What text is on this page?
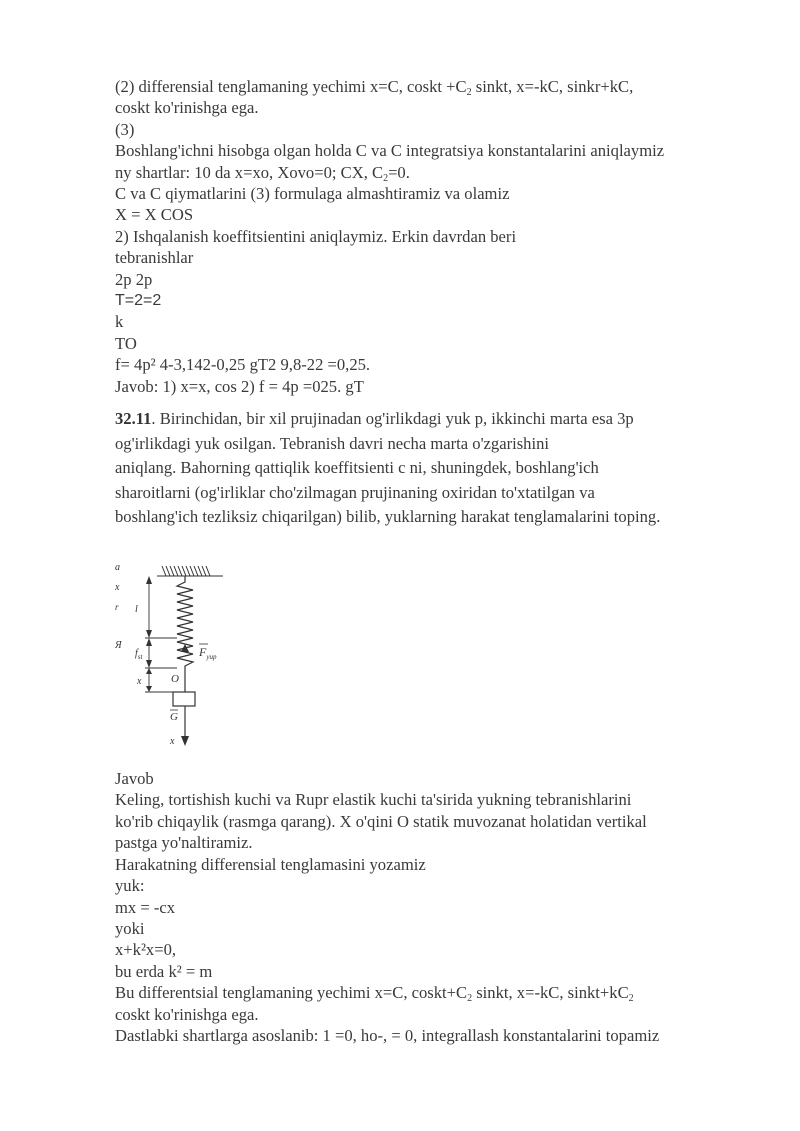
(2) differensial tenglamaning yechimi x=C, coskt $+C_2$ sinkt, x=-kC, sinkr+kC,
coskt ko'rinishga ega.
(3)
Boshlang'ichni hisobga olgan holda C va C integratsiya konstantalarini aniqlaymiz
ny shartlar: 10 da x=xo, Xovo=0; CX, $C_2=0$.
C va C qiymatlarini (3) formulaga almashtiramiz va olamiz
X = X COS
2) Ishqalanish koeffitsientini aniqlaymiz. Erkin davrdan beri
tebranishlar
2p 2p
T=2=2
k
TO
f= 4p² 4-3,142-0,25 gT2 9,8-22 =0,25.
Javob: 1) x=x, cos 2) f = 4p =025. gT
32.11. Birinchidan, bir xil prujinadan og'irlikdagi yuk p, ikkinchi marta esa 3p
og'irlikdagi yuk osilgan. Tebranish davri necha marta o'zgarishini
aniqlang. Bahorning qattiqlik koeffitsienti c ni, shuningdek, boshlang'ich
sharoitlarni (og'irliklar cho'zilmagan prujinaning oxiridan to'xtatilgan va
boshlang'ich tezliksiz chiqarilgan) bilib, yuklarning harakat tenglamalarini toping.
a
x
r
Я
l
$f_{st}$
x	O
$F_{yup}$
G
x
Javob
Keling, tortishish kuchi va Rupr elastik kuchi ta'sirida yukning tebranishlarini
ko'rib chiqaylik (rasmga qarang). X o'qini O statik muvozanat holatidan vertikal
pastga yo'naltiramiz.
Harakatning differensial tenglamasini yozamiz
yuk:
mx = -cx
yoki
x+k²x=0,
bu erda k² = m
Bu differentsial tenglamaning yechimi x=C, $coskt+C_2$ sinkt, x=-kC, $sinkt+kC_2$
coskt ko'rinishga ega.
Dastlabki shartlarga asoslanib: 1 =0, ho-, = 0, integrallash konstantalarini topamiz
